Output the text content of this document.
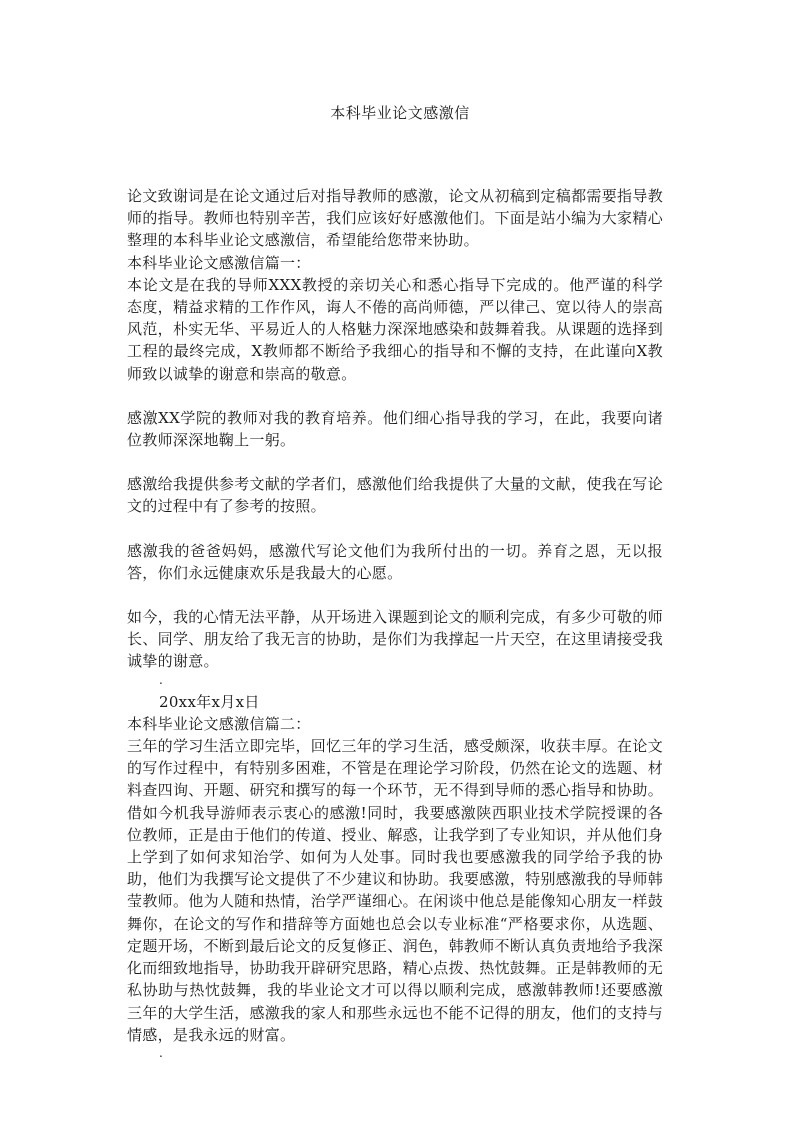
本科毕业论文感激信

论文致谢词是在论文通过后对指导教师的感激，论文从初稿到定稿都需要指导教师的指导。教师也特别辛苦，我们应该好好感激他们。下面是站小编为大家精心整理的本科毕业论文感激信，希望能给您带来协助。

本科毕业论文感激信篇一：

本论文是在我的导师XXX教授的亲切关心和悉心指导下完成的。他严谨的科学态度，精益求精的工作作风，诲人不倦的高尚师德，严以律己、宽以待人的崇高风范，朴实无华、平易近人的人格魅力深深地感染和鼓舞着我。从课题的选择到工程的最终完成，X教师都不断给予我细心的指导和不懈的支持，在此谨向X教师致以诚挚的谢意和崇高的敬意。

感激XX学院的教师对我的教育培养。他们细心指导我的学习，在此，我要向诸位教师深深地鞠上一躬。

感激给我提供参考文献的学者们，感激他们给我提供了大量的文献，使我在写论文的过程中有了参考的按照。

感激我的爸爸妈妈，感激代写论文他们为我所付出的一切。养育之恩，无以报答，你们永远健康欢乐是我最大的心愿。

如今，我的心情无法平静，从开场进入课题到论文的顺利完成，有多少可敬的师长、同学、朋友给了我无言的协助，是你们为我撑起一片天空，在这里请接受我诚挚的谢意。

.

20xx年x月x日

本科毕业论文感激信篇二：

三年的学习生活立即完毕，回忆三年的学习生活，感受颇深，收获丰厚。在论文的写作过程中，有特别多困难，不管是在理论学习阶段，仍然在论文的选题、材料查四询、开题、研究和撰写的每一个环节，无不得到导师的悉心指导和协助。借如今机我导游师表示衷心的感激!同时，我要感激陕西职业技术学院授课的各位教师，正是由于他们的传道、授业、解惑，让我学到了专业知识，并从他们身上学到了如何求知治学、如何为人处事。同时我也要感激我的同学给予我的协助，他们为我撰写论文提供了不少建议和协助。我要感激，特别感激我的导师韩莹教师。他为人随和热情，治学严谨细心。在闲谈中他总是能像知心朋友一样鼓舞你，在论文的写作和措辞等方面她也总会以专业标准“严格要求你，从选题、定题开场，不断到最后论文的反复修正、润色，韩教师不断认真负责地给予我深化而细致地指导，协助我开辟研究思路，精心点拨、热忱鼓舞。正是韩教师的无私协助与热忱鼓舞，我的毕业论文才可以得以顺利完成，感激韩教师!还要感激三年的大学生活，感激我的家人和那些永远也不能不记得的朋友，他们的支持与情感，是我永远的财富。

.
